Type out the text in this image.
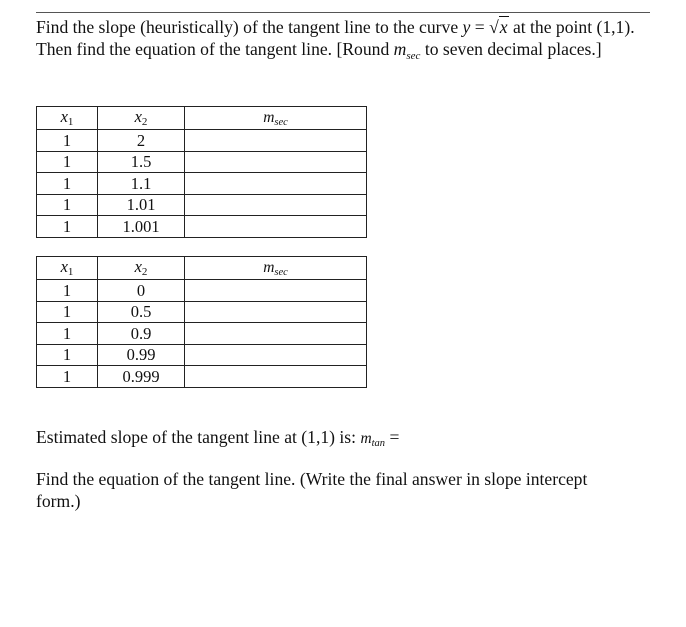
Find the slope (heuristically) of the tangent line to the curve y = √x at the point (1,1). Then find the equation of the tangent line. [Round $m_{sec}$ to seven decimal places.]
x1	x2	msec
1	2	
1	1.5	
1	1.1	
1	1.01	
1	1.001	
x1	x2	msec
1	0	
1	0.5	
1	0.9	
1	0.99	
1	0.999	
Estimated slope of the tangent line at (1,1) is: mtan =
Find the equation of the tangent line. (Write the final answer in slope intercept form.)
